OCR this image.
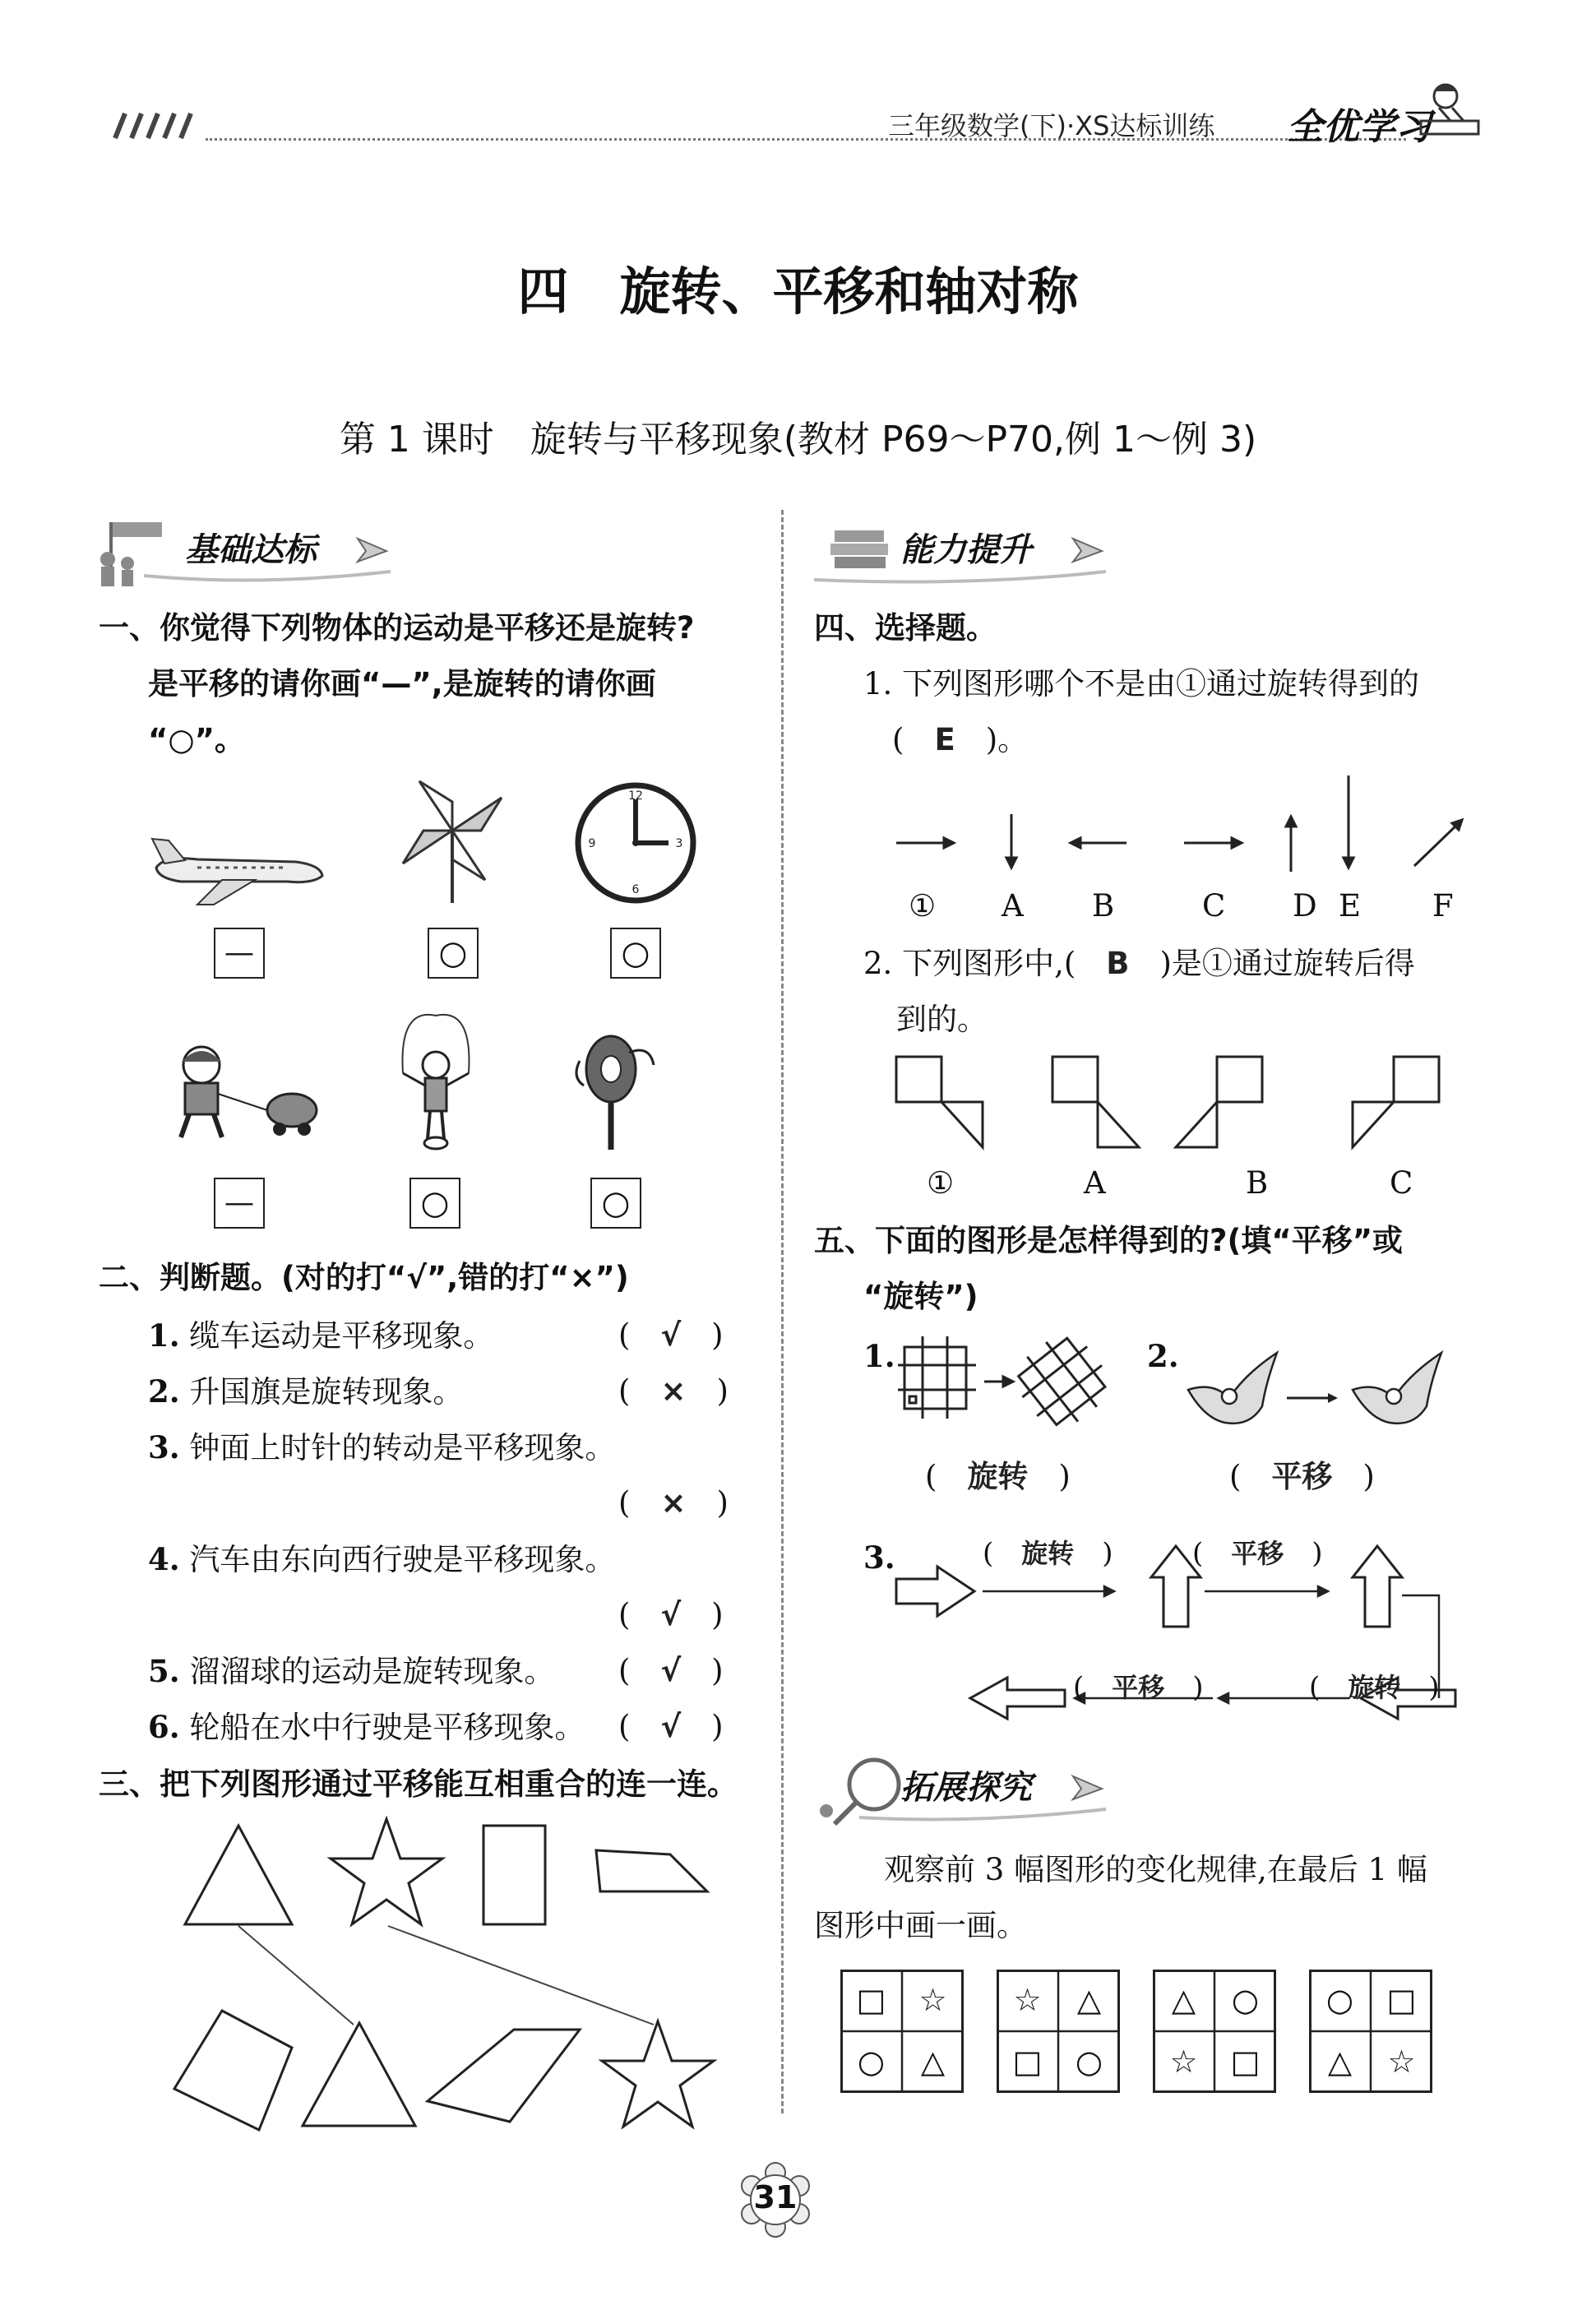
三年级数学(下)·XS达标训练 全优学习
四　旋转、平移和轴对称
第 1 课时　旋转与平移现象(教材 P69～P70,例 1～例 3)
基础达标	能力提升
拓展探究
一、你觉得下列物体的运动是平移还是旋转?
是平移的请你画“—”,是旋转的请你画
“○”。
12
3
6
9
—	○	○
—	○	○
二、判断题。(对的打“√”,错的打“×”)
1. 缆车运动是平移现象。	(　√　)
2. 升国旗是旋转现象。	(　×　)
3. 钟面上时针的转动是平移现象。
(　×　)
4. 汽车由东向西行驶是平移现象。
(　√　)
5. 溜溜球的运动是旋转现象。 (　√　)
6. 轮船在水中行驶是平移现象。 (　√　)
三、把下列图形通过平移能互相重合的连一连。
四、选择题。
1. 下列图形哪个不是由①通过旋转得到的
(　E　)。
① A B	C D E F
2. 下列图形中,(　 B　 )是①通过旋转后得
到的。
①	A	B	C
五、下面的图形是怎样得到的?(填“平移”或
“旋转”)
1.	2.
(　旋转　)	(　平移　)
3.	(　旋转　)	(　平移　)
(　平移　)	(　旋转　)
观察前 3 幅图形的变化规律,在最后 1 幅
图形中画一画。
□	☆
○	△
☆	△
□	○
△	○
☆	□
○	□
△	☆
31
